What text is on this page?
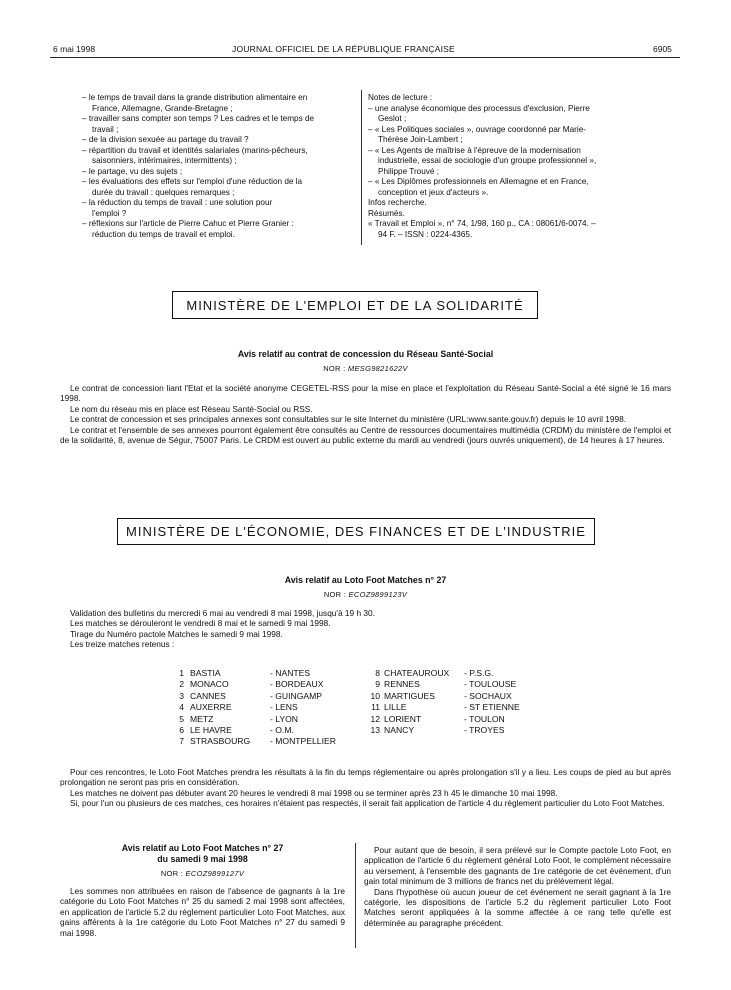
6 mai 1998	JOURNAL OFFICIEL DE LA RÉPUBLIQUE FRANÇAISE	6905
– le temps de travail dans la grande distribution alimentaire en
France, Allemagne, Grande-Bretagne ;
– travailler sans compter son temps ? Les cadres et le temps de
travail ;
– de la division sexuée au partage du travail ?
– répartition du travail et identités salariales (marins-pêcheurs,
saisonniers, intérimaires, intermittents) ;
– le partage, vu des sujets ;
– les évaluations des effets sur l'emploi d'une réduction de la
durée du travail : quelques remarques ;
– la réduction du temps de travail : une solution pour
l'emploi ?
– réflexions sur l'article de Pierre Cahuc et Pierre Granier :
réduction du temps de travail et emploi.
Notes de lecture :
– une analyse économique des processus d'exclusion, Pierre
Geslot ;
– « Les Politiques sociales », ouvrage coordonné par Marie-
Thérèse Join-Lambert ;
– « Les Agents de maîtrise à l'épreuve de la modernisation
industrielle, essai de sociologie d'un groupe professionnel »,
Philippe Trouvé ;
– « Les Diplômes professionnels en Allemagne et en France,
conception et jeux d'acteurs ».
Infos recherche.
Résumés.
« Travail et Emploi », n° 74, 1/98, 160 p., CA : 08061/6-0074. –
94 F. – ISSN : 0224-4365.
MINISTÈRE DE L'EMPLOI ET DE LA SOLIDARITÉ
Avis relatif au contrat de concession du Réseau Santé-Social
NOR : MESG9821622V

Le contrat de concession liant l'Etat et la société anonyme CEGETEL-RSS pour la mise en place et l'exploitation du Réseau Santé-Social a été signé le 16 mars 1998.

Le nom du réseau mis en place est Réseau Santé-Social ou RSS.

Le contrat de concession et ses principales annexes sont consultables sur le site Internet du ministère (URL:www.sante.gouv.fr) depuis le 10 avril 1998.

Le contrat et l'ensemble de ses annexes pourront également être consultés au Centre de ressources documentaires multimédia (CRDM) du ministère de l'emploi et de la solidarité, 8, avenue de Ségur, 75007 Paris. Le CRDM est ouvert au public externe du mardi au vendredi (jours ouvrés uniquement), de 14 heures à 17 heures.

MINISTÈRE DE L'ÉCONOMIE, DES FINANCES ET DE L'INDUSTRIE
Avis relatif au Loto Foot Matches n° 27
NOR : ECOZ9899123V

Validation des bulletins du mercredi 6 mai au vendredi 8 mai 1998, jusqu'à 19 h 30.

Les matches se dérouleront le vendredi 8 mai et le samedi 9 mai 1998.

Tirage du Numéro pactole Matches le samedi 9 mai 1998.

Les treize matches retenus :

1 BASTIA	- NANTES
2 MONACO	- BORDEAUX
3 CANNES	- GUINGAMP
4 AUXERRE	- LENS
5 METZ	- LYON
6 LE HAVRE	- O.M.
7 STRASBOURG	- MONTPELLIER
8 CHATEAUROUX	- P.S.G.
9 RENNES	- TOULOUSE
10 MARTIGUES	- SOCHAUX
11 LILLE	- ST ETIENNE
12 LORIENT	- TOULON
13 NANCY	- TROYES

Pour ces rencontres, le Loto Foot Matches prendra les résultats à la fin du temps réglementaire ou après prolongation s'il y a lieu. Les coups de pied au but après prolongation ne seront pas pris en considération.

Les matches ne doivent pas débuter avant 20 heures le vendredi 8 mai 1998 ou se terminer après 23 h 45 le dimanche 10 mai 1998.

Si, pour l'un ou plusieurs de ces matches, ces horaires n'étaient pas respectés, il serait fait application de l'article 4 du règlement particulier du Loto Foot Matches.

Avis relatif au Loto Foot Matches n° 27
du samedi 9 mai 1998
NOR : ECOZ9899127V

Les sommes non attribuées en raison de l'absence de gagnants à la 1re catégorie du Loto Foot Matches n° 25 du samedi 2 mai 1998 sont affectées, en application de l'article 5.2 du règlement particulier Loto Foot Matches, aux gains afférents à la 1re catégorie du Loto Foot Matches n° 27 du samedi 9 mai 1998.

Pour autant que de besoin, il sera prélevé sur le Compte pactole Loto Foot, en application de l'article 6 du règlement général Loto Foot, le complément nécessaire au versement, à l'ensemble des gagnants de 1re catégorie de cet événement, d'un gain total minimum de 3 millions de francs net du prélèvement légal.

Dans l'hypothèse où aucun joueur de cet événement ne serait gagnant à la 1re catégorie, les dispositions de l'article 5.2 du règlement particulier Loto Foot Matches seront appliquées à la somme affectée à ce rang telle qu'elle est déterminée au paragraphe précédent.
